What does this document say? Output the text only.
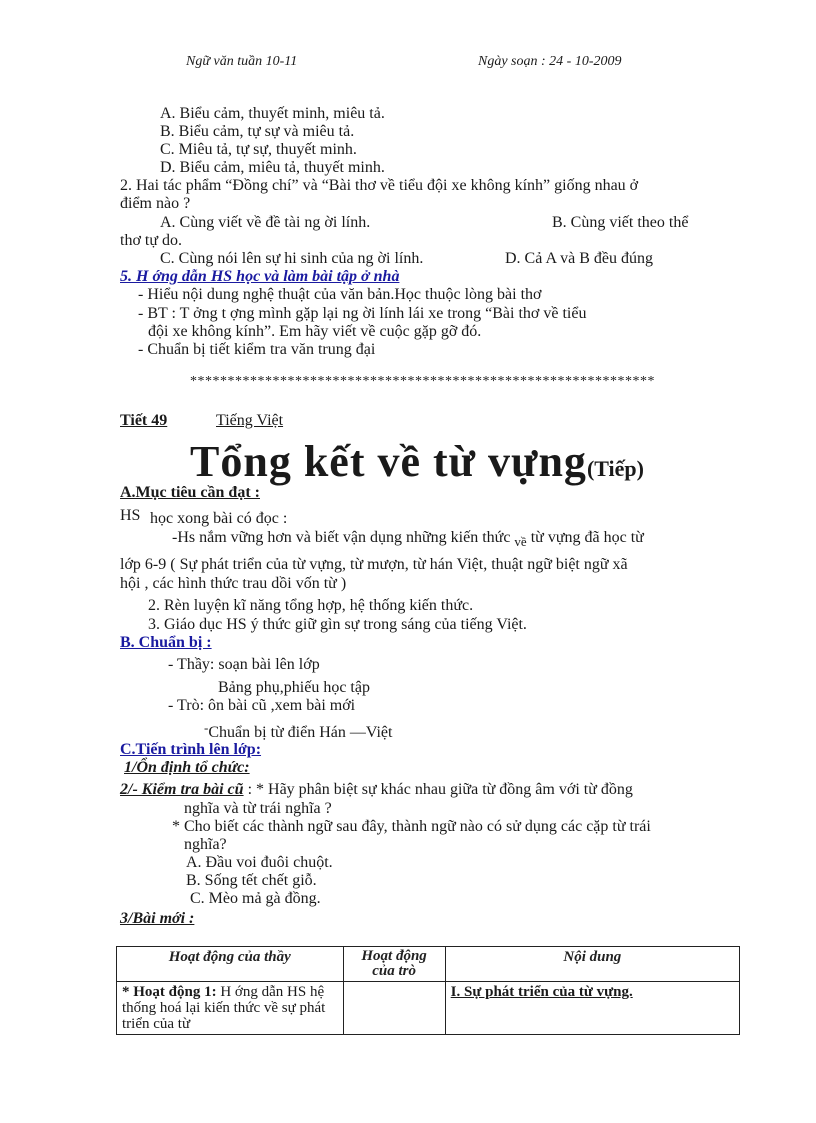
Ngữ văn tuần 10-11	Ngày soạn : 24 - 10-2009
A. Biểu cảm, thuyết minh, miêu tả.
B. Biểu cảm, tự sự và miêu tả.
C. Miêu tả, tự sự, thuyết minh.
D. Biểu cảm, miêu tả, thuyết minh.
2. Hai tác phẩm “Đồng chí” và “Bài thơ về tiểu đội xe không kính” giống nhau ở
điểm nào ?
A. Cùng viết về đề tài ng ời lính.	B. Cùng viết theo thể
thơ tự do.
C. Cùng nói lên sự hi sinh của ng ời lính.	D. Cả A và B đều đúng
5. H ớng dẫn HS học và làm bài tập ở nhà
- Hiểu nội dung nghệ thuật của văn bản.Học thuộc lòng bài thơ
- BT : T ởng t ợng mình gặp lại ng ời lính lái xe trong “Bài thơ về tiểu
đội xe không kính”. Em hãy viết về cuộc gặp gỡ đó.
- Chuẩn bị tiết kiểm tra văn trung đại
**************************************************************
Tiết 49	Tiếng Việt
Tổng kết về từ vựng(Tiếp)
A.Mục tiêu cần đạt :
HS học xong bài có đọc :
-Hs nắm vững hơn và biết vận dụng những kiến thức $_{về}$ từ vựng đã học từ
lớp 6-9 ( Sự phát triển của từ vựng, từ mượn, từ hán Việt, thuật ngữ biệt ngữ xã
hội , các hình thức trau dồi vốn từ )
2. Rèn luyện kĩ năng tổng hợp, hệ thống kiến thức.
3. Giáo dục HS ý thức giữ gìn sự trong sáng của tiếng Việt.
B. Chuẩn bị :
- Thầy: soạn bài lên lớp
Bảng phụ,phiếu học tập
- Trò: ôn bài cũ ,xem bài mới
-Chuẩn bị từ điển Hán —Việt
C.Tiến trình lên lớp:
1/Ổn định tổ chức:
2/- Kiểm tra bài cũ : * Hãy phân biệt sự khác nhau giữa từ đồng âm với từ đồng
nghĩa và từ trái nghĩa ?
* Cho biết các thành ngữ sau đây, thành ngữ nào có sử dụng các cặp từ trái
nghĩa?
A. Đầu voi đuôi chuột.
B. Sống tết chết giỗ.
C. Mèo mả gà đồng.
3/Bài mới :
Hoạt động của thầy	Hoạt động của trò	Nội dung
* Hoạt động 1: H ớng dẫn HS hệ thống hoá lại kiến thức về sự phát triển của từ		I. Sự phát triển của từ vựng.
